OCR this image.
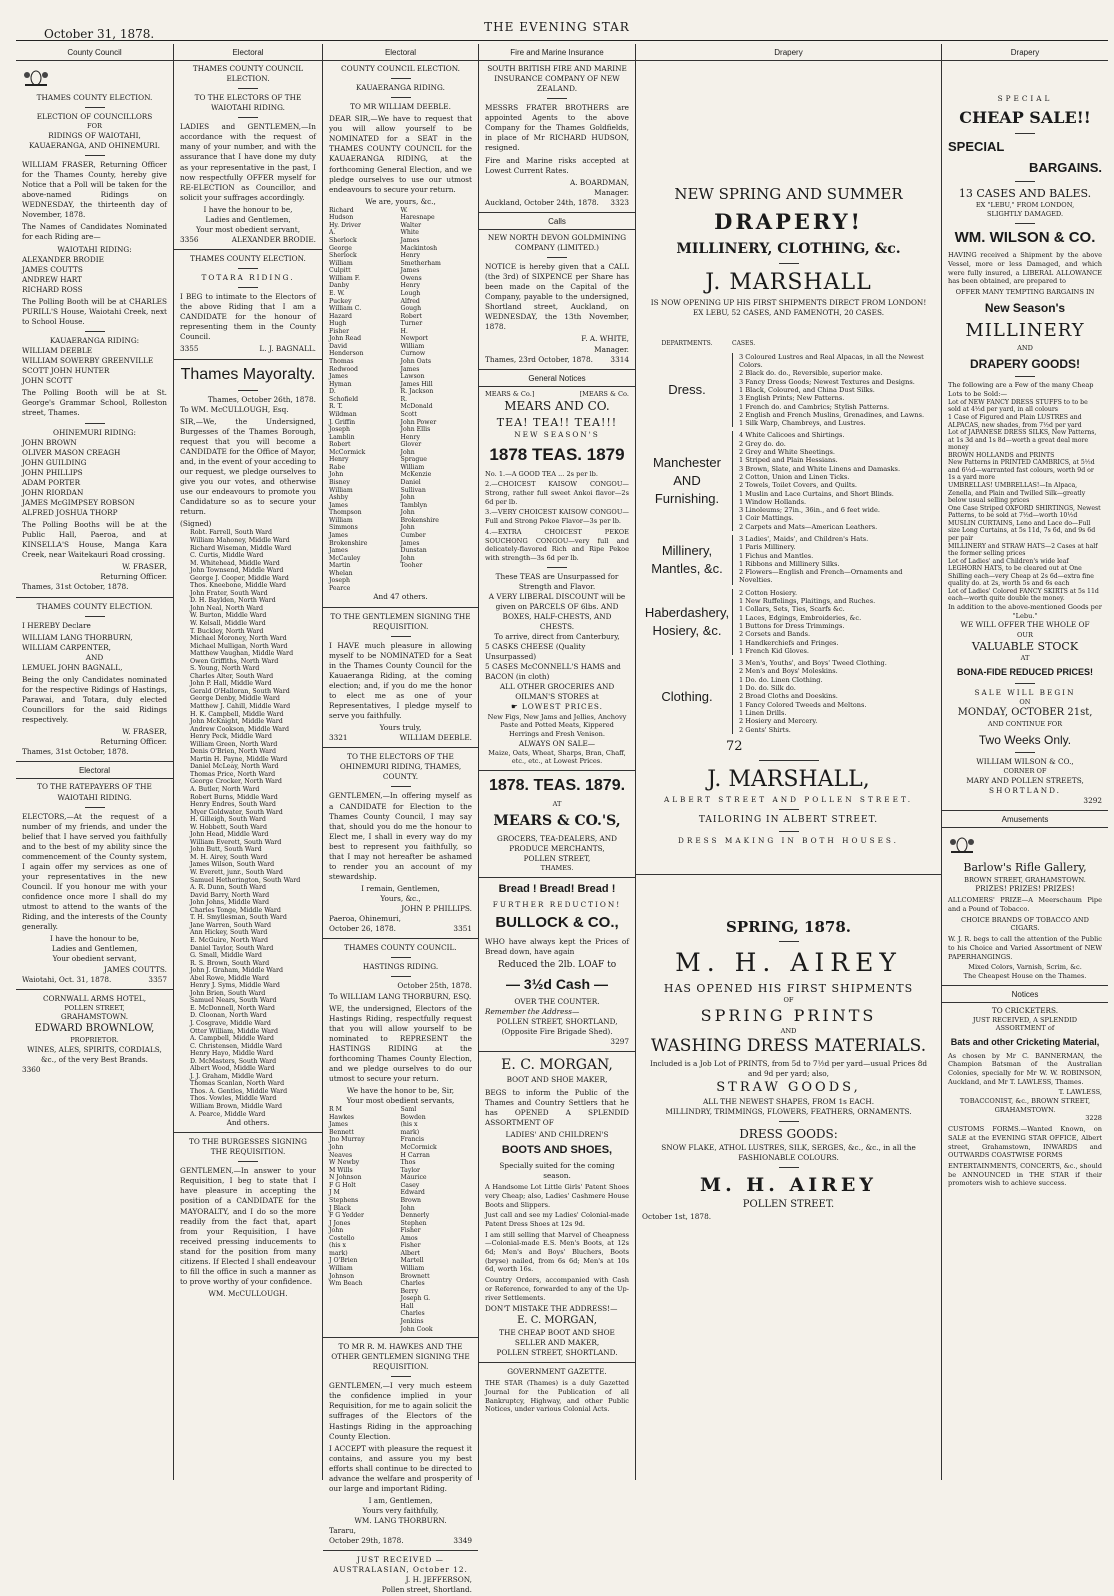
October 31, 1878.	THE EVENING STAR
County Council
THAMES COUNTY ELECTION.
ELECTION OF COUNCILLORS
FOR
RIDINGS OF WAIOTAHI, KAUAERANGA, AND OHINEMURI.

WILLIAM FRASER, Returning Officer for the Thames County, hereby give Notice that a Poll will be taken for the above-named Ridings on WEDNESDAY, the thirteenth day of November, 1878.

The Names of Candidates Nominated for each Riding are—

WAIOTAHI RIDING:
ALEXANDER BRODIE
JAMES COUTTS
ANDREW HART
RICHARD ROSS

The Polling Booth will be at CHARLES PURILL'S House, Waiotahi Creek, next to School House.

KAUAERANGA RIDING:
WILLIAM DEEBLE
WILLIAM SOWERBY GREENVILLE
SCOTT JOHN HUNTER
JOHN SCOTT

The Polling Booth will be at St. George's Grammar School, Rolleston street, Thames.

OHINEMURI RIDING:
JOHN BROWN
OLIVER MASON CREAGH
JOHN GUILDING
JOHN PHILLIPS
ADAM PORTER
JOHN RIORDAN
JAMES McGIMPSEY ROBSON
ALFRED JOSHUA THORP

The Polling Booths will be at the Public Hall, Paeroa, and at KINSELLA'S House, Manga Kara Creek, near Waitekauri Road crossing.

W. FRASER,
Returning Officer.
Thames, 31st October, 1878.
THAMES COUNTY ELECTION.

I HEREBY Declare

WILLIAM LANG THORBURN,
WILLIAM CARPENTER,
AND
LEMUEL JOHN BAGNALL,

Being the only Candidates nominated for the respective Ridings of Hastings, Parawai, and Totara, duly elected Councillors for the said Ridings respectively.

W. FRASER,
Returning Officer.
Thames, 31st October, 1878.
Electoral
TO THE RATEPAYERS OF THE WAIOTAHI RIDING.

ELECTORS,—At the request of a number of my friends, and under the belief that I have served you faithfully and to the best of my ability since the commencement of the County system, I again offer my services as one of your representatives in the new Council. If you honour me with your confidence once more I shall do my utmost to attend to the wants of the Riding, and the interests of the County generally.

I have the honour to be,
Ladies and Gentlemen,
Your obedient servant,
JAMES COUTTS.
Waiotahi, Oct. 31, 1878.	3357
CORNWALL ARMS HOTEL,
POLLEN STREET,
GRAHAMSTOWN.
EDWARD BROWNLOW,
PROPRIETOR.
WINES, ALES, SPIRITS, CORDIALS, &c., of the very Best Brands.
3360
Electoral
THAMES COUNTY COUNCIL ELECTION.
TO THE ELECTORS OF THE WAIOTAHI RIDING.

LADIES and GENTLEMEN,—In accordance with the request of many of your number, and with the assurance that I have done my duty as your representative in the past, I now respectfully OFFER myself for RE-ELECTION as Councillor, and solicit your suffrages accordingly.

I have the honour to be,
Ladies and Gentlemen,
Your most obedient servant,
3356	ALEXANDER BRODIE.
THAMES COUNTY ELECTION.
TOTARA RIDING.

I BEG to intimate to the Electors of the above Riding that I am a CANDIDATE for the honour of representing them in the County Council.

3355	L. J. BAGNALL.
Thames Mayoralty.
Thames, October 26th, 1878.
To WM. McCULLOUGH, Esq.

SIR,—We, the Undersigned, Burgesses of the Thames Borough, request that you will become a CANDIDATE for the Office of Mayor, and, in the event of your acceding to our request, we pledge ourselves to give you our votes, and otherwise use our endeavours to promote you Candidature so as to secure your return.

(Signed)
Robt. Farrell, South Ward
William Mahoney, Middle Ward
Richard Wiseman, Middle Ward
C. Curtis, Middle Ward
M. Whitehead, Middle Ward
John Townsend, Middle Ward
George J. Cooper, Middle Ward
Thos. Kneebone, Middle Ward
John Frater, South Ward
D. H. Baylden, North Ward
John Neal, North Ward
W. Burton, Middle Ward
W. Kelsall, Middle Ward
T. Buckley, North Ward
Michael Moroney, North Ward
Michael Mulligan, North Ward
Matthew Vaughan, Middle Ward
Owen Griffiths, North Ward
S. Young, North Ward
Charles Alter, South Ward
John P. Hall, Middle Ward
Gerald O'Halloran, South Ward
George Denby, Middle Ward
Matthew J. Cahill, Middle Ward
H. K. Campbell, Middle Ward
John McKnight, Middle Ward
Andrew Cookson, Middle Ward
Henry Peck, Middle Ward
William Green, North Ward
Denis O'Brien, North Ward
Martin H. Payne, Middle Ward
Daniel McLeay, North Ward
Thomas Price, North Ward
George Crocker, North Ward
A. Butler, North Ward
Robert Burns, Middle Ward
Henry Endres, South Ward
Myer Goldwater, South Ward
H. Gilleigh, South Ward
W. Hobbett, South Ward
John Head, Middle Ward
William Everett, South Ward
John Butt, South Ward
M. H. Airey, South Ward
James Wilson, South Ward
W. Everett, junr., South Ward
Samuel Hetherington, South Ward
A. R. Dunn, South Ward
David Barry, North Ward
John Johns, Middle Ward
Charles Tonge, Middle Ward
T. H. Smyllesman, South Ward
Jane Warren, South Ward
Ann Hickey, South Ward
E. McGuire, North Ward
Daniel Taylor, South Ward
G. Small, Middle Ward
R. S. Brown, South Ward
John J. Graham, Middle Ward
Abel Rowe, Middle Ward
Henry J. Syms, Middle Ward
John Brien, South Ward
Samuel Nears, South Ward
E. McDonnell, North Ward
D. Cloonan, North Ward
J. Cosgrave, Middle Ward
Otter William, Middle Ward
A. Campbell, Middle Ward
C. Christensen, Middle Ward
Henry Hayo, Middle Ward
D. McMasters, South Ward
Albert Wood, Middle Ward
J. J. Graham, Middle Ward
Thomas Scanlan, North Ward
Thos. A. Gentles, Middle Ward
Thos. Vowles, Middle Ward
William Brown, Middle Ward
A. Pearce, Middle Ward
And others.
TO THE BURGESSES SIGNING THE REQUISITION.

GENTLEMEN,—In answer to your Requisition, I beg to state that I have pleasure in accepting the position of a CANDIDATE for the MAYORALTY, and I do so the more readily from the fact that, apart from your Requisition, I have received pressing inducements to stand for the position from many citizens. If Elected I shall endeavour to fill the office in such a manner as to prove worthy of your confidence.

WM. McCULLOUGH.
Electoral
COUNTY COUNCIL ELECTION.
KAUAERANGA RIDING.
TO MR WILLIAM DEEBLE.

DEAR SIR,—We have to request that you will allow yourself to be NOMINATED for a SEAT in the THAMES COUNTY COUNCIL for the KAUAERANGA RIDING, at the forthcoming General Election, and we pledge ourselves to use our utmost endeavours to secure your return.

We are, yours, &c.,
Richard Hudson
Hy. Driver
A. Sherlock
George Sherlock
William Culpitt
William F. Danby
E. W. Puckey
William C. Hazard
Hugh Fisher
John Read
David Henderson
Thomas Redwood
James Hyman
D. Schofield
R. T. Wildman
J. Griffin
Joseph Lamblin
Robert McCormick
Henry Rabe
John Bisney
William Ashby
James Thompson
William Simmons
James Brokenshire
James McCauley
Martin Whelan
Joseph Pearce
W. Haresnape
Walter White
James Mackintosh
Henry Smetherham
James Owens
Henry Lough
Alfred Gough
Robert Turner
H. Newport
William Curnow
John Oats
James Lawson
James Hill
R. Jackson
R. McDonald Scott
John Power
John Ellis
Henry Glover
John Sprague
William McKenzie
Daniel Sullivan
John Tamblyn
John Brokenshire
John Cumber
James Dunstan
John Tooher
And 47 others.
TO THE GENTLEMEN SIGNING THE REQUISITION.

I HAVE much pleasure in allowing myself to be NOMINATED for a Seat in the Thames County Council for the Kauaeranga Riding, at the coming election; and, if you do me the honor to elect me as one of your Representatives, I pledge myself to serve you faithfully.

Yours truly,
3321	WILLIAM DEEBLE.
TO THE ELECTORS OF THE OHINEMURI RIDING, THAMES, COUNTY.

GENTLEMEN,—In offering myself as a CANDIDATE for Election to the Thames County Council, I may say that, should you do me the honour to Elect me, I shall in every way do my best to represent you faithfully, so that I may not hereafter be ashamed to render you an account of my stewardship.

I remain, Gentlemen,
Yours, &c.,
JOHN P. PHILLIPS.
Paeroa, Ohinemuri,
October 26, 1878.	3351
THAMES COUNTY COUNCIL.
HASTINGS RIDING.
October 25th, 1878.
To WILLIAM LANG THORBURN, ESQ.

WE, the undersigned, Electors of the Hastings Riding, respectfully request that you will allow yourself to be nominated to REPRESENT the HASTINGS RIDING at the forthcoming Thames County Election, and we pledge ourselves to do our utmost to secure your return.

We have the honor to be, Sir,
Your most obedient servants,
R M Hawkes
James Bennett
Jno Murray
John Neaves
W Newby
M Wills
N Johnson
F G Holt
J M Stephens
J Black
F G Yedder
J Jones
John Costello (his x mark)
J O'Brien
William Johnson
Wm Beach
Saml Bowden (his x mark)
Francis McCormick
H Carran
Thos Taylor
Maurice Casey
Edward Brown
John Dennerly
Stephen Fisher
Amos Fisher
Albert Martell
William Brownett
Charles Berry
Joseph G. Hall
Charles Jenkins
John Cook
TO MR R. M. HAWKES AND THE OTHER GENTLEMEN SIGNING THE REQUISITION.

GENTLEMEN,—I very much esteem the confidence implied in your Requisition, for me to again solicit the suffrages of the Electors of the Hastings Riding in the approaching County Election.

I ACCEPT with pleasure the request it contains, and assure you my best efforts shall continue to be directed to advance the welfare and prosperity of our large and important Riding.

I am, Gentlemen,
Yours very faithfully,
WM. LANG THORBURN.
Tararu,
October 29th, 1878.	3349
JUST RECEIVED — AUSTRALASIAN, October 12.
J. H. JEFFERSON,
Pollen street, Shortland.
Fire and Marine Insurance
SOUTH BRITISH FIRE AND MARINE INSURANCE COMPANY OF NEW ZEALAND.

MESSRS FRATER BROTHERS are appointed Agents to the above Company for the Thames Goldfields, in place of Mr RICHARD HUDSON, resigned.

Fire and Marine risks accepted at Lowest Current Rates.

A. BOARDMAN,
Manager.
Auckland, October 24th, 1878. 3323
Calls
NEW NORTH DEVON GOLDMINING COMPANY (LIMITED.)

NOTICE is hereby given that a CALL (the 3rd) of SIXPENCE per Share has been made on the Capital of the Company, payable to the undersigned, Shortland street, Auckland, on WEDNESDAY, the 13th November, 1878.

F. A. WHITE,
Manager.
Thames, 23rd October, 1878. 3314
General Notices
MEARS & Co.]	[MEARS & Co.
MEARS AND CO.
TEA! TEA!! TEA!!!
NEW SEASON'S
1878 TEAS. 1879

No. 1.—A GOOD TEA ... 2s per lb.

2.—CHOICEST KAISOW CONGOU—Strong, rather full sweet Ankoi flavor—2s 6d per lb.

3.—VERY CHOICEST KAISOW CONGOU—Full and Strong Pekoe Flavor—3s per lb.

4.—EXTRA CHOICEST PEKOE SOUCHONG CONGOU—very full and delicately-flavored Rich and Ripe Pekoe with strength—3s 6d per lb.

These TEAS are Unsurpassed for Strength and Flavor.
A VERY LIBERAL DISCOUNT will be given on PARCELS OF 6lbs. AND BOXES, HALF-CHESTS, AND CHESTS.
To arrive, direct from Canterbury,
5 CASKS CHEESE (Quality Unsurpassed)
5 CASES McCONNELL'S HAMS and BACON (in cloth)
ALL OTHER GROCERIES AND OILMAN'S STORES at
☛ LOWEST PRICES.
New Figs, New Jams and Jellies, Anchovy Paste and Potted Meats, Kippered Herrings and Fresh Venison.
ALWAYS ON SALE—
Maize, Oats, Wheat, Sharps, Bran, Chaff, etc., etc., at Lowest Prices.
1878. TEAS. 1879.
AT
MEARS & CO.'S,
GROCERS, TEA-DEALERS, AND PRODUCE MERCHANTS,
POLLEN STREET,
THAMES.
Bread ! Bread! Bread !
FURTHER REDUCTION!
BULLOCK & CO.,

WHO have always kept the Prices of Bread down, have again

Reduced the 2lb. LOAF to
— 3½d Cash —
OVER THE COUNTER.
Remember the Address—
POLLEN STREET, SHORTLAND,
(Opposite Fire Brigade Shed).
3297
E. C. MORGAN,
BOOT AND SHOE MAKER,

BEGS to inform the Public of the Thames and Country Settlers that he has OPENED A SPLENDID ASSORTMENT OF

LADIES' AND CHILDREN'S
BOOTS AND SHOES,
Specially suited for the coming season.

A Handsome Lot Little Girls' Patent Shoes very Cheap; also, Ladies' Cashmere House Boots and Slippers.

Just call and see my Ladies' Colonial-made Patent Dress Shoes at 12s 9d.

I am still selling that Marvel of Cheapness —Colonial-made E.S. Men's Boots, at 12s 6d; Men's and Boys' Bluchers, Boots (bryse) nailed, from 6s 6d; Men's at 10s 6d, worth 16s.

Country Orders, accompanied with Cash or Reference, forwarded to any of the Up-river Settlements.

DON'T MISTAKE THE ADDRESS!—
E. C. MORGAN,
THE CHEAP BOOT AND SHOE SELLER AND MAKER,
POLLEN STREET, SHORTLAND.
GOVERNMENT GAZETTE.

THE STAR (Thames) is a duly Gazetted Journal for the Publication of all Bankruptcy, Highway, and other Public Notices, under various Colonial Acts.

Drapery
NEW SPRING AND SUMMER
DRAPERY!
MILLINERY, CLOTHING, &c.
J. MARSHALL
IS NOW OPENING UP HIS FIRST SHIPMENTS DIRECT FROM LONDON!
EX LEBU, 52 CASES, AND FAMENOTH, 20 CASES.
DEPARTMENTS.	CASES.
Dress.
3 Coloured Lustres and Real Alpacas, in all the Newest Colors.
2 Black do. do., Reversible, superior make.
3 Fancy Dress Goods; Newest Textures and Designs.
1 Black, Coloured, and China Dust Silks.
3 English Prints; New Patterns.
1 French do. and Cambrics; Stylish Patterns.
2 English and French Muslins, Grenadines, and Lawns.
1 Silk Warp, Chambreys, and Lustres.
Manchester AND Furnishing.
4 White Calicoes and Shirtings.
2 Grey do. do.
2 Grey and White Sheetings.
1 Striped and Plain Hessians.
3 Brown, Slate, and White Linens and Damasks.
2 Cotton, Union and Linen Ticks.
2 Towels, Toilet Covers, and Quilts.
1 Muslin and Lace Curtains, and Short Blinds.
1 Window Hollands.
3 Linoleums; 27in., 36in., and 6 feet wide.
1 Coir Mattings.
2 Carpets and Mats—American Leathers.
Millinery, Mantles, &c.
3 Ladies', Maids', and Children's Hats.
1 Paris Millinery.
1 Fichus and Mantles.
1 Ribbons and Millinery Silks.
2 Flowers—English and French—Ornaments and Novelties.
Haberdashery, Hosiery, &c.
2 Cotton Hosiery.
1 New Ruffelings, Plaitings, and Ruches.
1 Collars, Sets, Ties, Scarfs &c.
1 Laces, Edgings, Embroideries, &c.
1 Buttons for Dress Trimmings.
2 Corsets and Bands.
1 Handkerchiefs and Fringes.
1 French Kid Gloves.
Clothing.
3 Men's, Youths', and Boys' Tweed Clothing.
2 Men's and Boys' Moleskins.
1 Do. do. Linen Clothing.
1 Do. do. Silk do.
2 Broad Cloths and Doeskins.
1 Fancy Colored Tweeds and Meltons.
1 Linen Drills.
2 Hosiery and Mercery.
2 Gents' Shirts.
72
J. MARSHALL,
ALBERT STREET AND POLLEN STREET.
TAILORING IN ALBERT STREET.
DRESS MAKING IN BOTH HOUSES.
SPRING, 1878.
M. H. AIREY
HAS OPENED HIS FIRST SHIPMENTS
OF
SPRING PRINTS
AND
WASHING DRESS MATERIALS.
Included is a Job Lot of PRINTS, from 5d to 7½d per yard—usual Prices 8d and 9d per yard; also,
STRAW GOODS,
ALL THE NEWEST SHAPES, FROM 1s EACH.
MILLINDRY, TRIMMINGS, FLOWERS, FEATHERS, ORNAMENTS.
DRESS GOODS:
SNOW FLAKE, ATHOL LUSTRES, SILK, SERGES, &c., &c., in all the FASHIONABLE COLOURS.
M. H. AIREY
POLLEN STREET.
October 1st, 1878.
Drapery
SPECIAL
CHEAP SALE!!
SPECIAL
BARGAINS.
13 CASES AND BALES.
EX "LEBU," FROM LONDON,
SLIGHTLY DAMAGED.
WM. WILSON & CO.

HAVING received a Shipment by the above Vessel, more or less Damaged, and which were fully insured, a LIBERAL ALLOWANCE has been obtained, are prepared to

OFFER MANY TEMPTING BARGAINS IN
New Season's
MILLINERY
AND
DRAPERY GOODS!
The following are a Few of the many Cheap Lots to be Sold:—
Lot of NEW FANCY DRESS STUFFS to to be sold at 4½d per yard, in all colours
1 Case of Figured and Plain LUSTRES and ALPACAS, new shades, from 7½d per yard
Lot of JAPANESE DRESS SILKS, New Patterns, at 1s 3d and 1s 8d—worth a great deal more money
BROWN HOLLANDS and PRINTS
New Patterns in PRINTED CAMBRICS, at 5½d and 6½d—warranted fast colours, worth 9d or 1s a yard more
UMBRELLAS! UMBRELLAS!—In Alpaca, Zenella, and Plain and Twilled Silk—greatly below usual selling prices
One Case Striped OXFORD SHIRTINGS, Newest Patterns, to be sold at 7½d—worth 10½d
MUSLIN CURTAINS, Leno and Lace do—Full size Long Curtains, at 5s 11d, 7s 6d, and 9s 6d per pair
MILLINERY and STRAW HATS—2 Cases at half the former selling prices
Lot of Ladies' and Children's wide leaf LEGHORN HATS, to be cleared out at One Shilling each—very Cheap at 2s 6d—extra fine quality do. at 2s, worth 5s and 6s each
Lot of Ladies' Colored FANCY SKIRTS at 5s 11d each—worth quite double the money.
In addition to the above-mentioned Goods per "Lebu."
WE WILL OFFER THE WHOLE OF
OUR
VALUABLE STOCK
AT
BONA-FIDE REDUCED PRICES!
SALE WILL BEGIN
ON
MONDAY, OCTOBER 21st,
AND CONTINUE FOR
Two Weeks Only.
WILLIAM WILSON & CO.,
CORNER OF
MARY AND POLLEN STREETS,
SHORTLAND.
3292
Amusements
Barlow's Rifle Gallery,
BROWN STREET, GRAHAMSTOWN.
PRIZES! PRIZES! PRIZES!

ALLCOMERS' PRIZE—A Meerschaum Pipe and a Pound of Tobacco.

CHOICE BRANDS OF TOBACCO AND CIGARS.

W. J. R. begs to call the attention of the Public to his Choice and Varied Assortment of NEW PAPERHANGINGS.

Mixed Colors, Varnish, Scrim, &c.
The Cheapest House on the Thames.
Notices
TO CRICKETERS.
JUST RECEIVED, A SPLENDID ASSORTMENT of
Bats and other Cricketing Material,

As chosen by Mr C. BANNERMAN, the Champion Batsman of the Australian Colonies, specially for Mr W. W. ROBINSON, Auckland, and Mr T. LAWLESS, Thames.

T. LAWLESS,
TOBACCONIST, &c., BROWN STREET, GRAHAMSTOWN.
3228

CUSTOMS FORMS.—Wanted Known, on SALE at the EVENING STAR OFFICE, Albert street, Grahamstown, INWARDS and OUTWARDS COASTWISE FORMS

ENTERTAINMENTS, CONCERTS, &c., should be ANNOUNCED in THE STAR if their promoters wish to achieve success.
